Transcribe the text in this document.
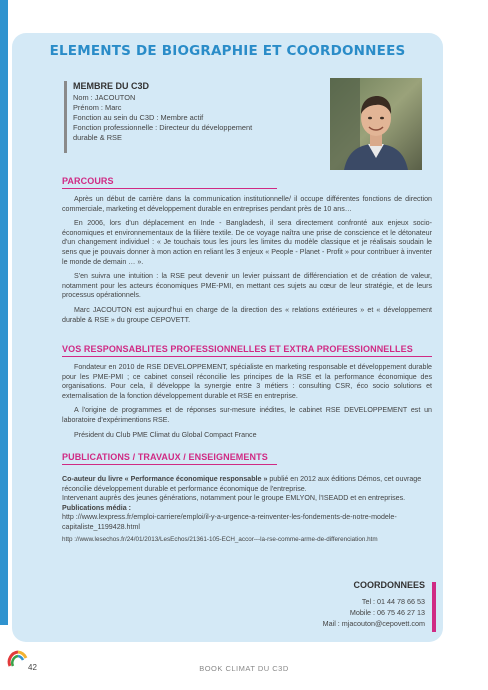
ELEMENTS DE BIOGRAPHIE ET COORDONNEES
MEMBRE DU C3D
Nom : JACOUTON
Prénom : Marc
Fonction au sein du C3D : Membre actif
Fonction professionnelle : Directeur du développement
durable & RSE
PARCOURS

Après un début de carrière dans la communication institutionnelle/ il occupe différentes fonctions de direction commerciale, marketing et développement durable en entreprises pendant près de 10 ans…

En 2006, lors d'un déplacement en Inde - Bangladesh, il sera directement confronté aux enjeux socio-économiques et environnementaux de la filière textile. De ce voyage naîtra une prise de conscience et le détonateur d'un changement individuel : « Je touchais tous les jours les limites du modèle classique et je réalisais soudain le sens que je pouvais donner à mon action en reliant les 3 enjeux « People - Planet - Profit » pour contribuer à inventer le monde de demain … ».

S'en suivra une intuition : la RSE peut devenir un levier puissant de différenciation et de création de valeur, notamment pour les acteurs économiques PME-PMI, en mettant ces sujets au cœur de leur stratégie, et de leurs processus opérationnels.

Marc JACOUTON est aujourd'hui en charge de la direction des « relations extérieures » et « développement durable & RSE » du groupe CEPOVETT.

VOS RESPONSABLITES PROFESSIONNELLES ET EXTRA PROFESSIONNELLES

Fondateur en 2010 de RSE DEVELOPPEMENT, spécialiste en marketing responsable et développement durable pour les PME-PMI ; ce cabinet conseil réconcilie les principes de la RSE et la performance économique des organisations. Pour cela, il développe la synergie entre 3 métiers : consulting CSR, éco socio solutions et externalisation de la fonction développement durable et RSE en entreprise.

A l'origine de programmes et de réponses sur-mesure inédites, le cabinet RSE DEVELOPPEMENT est un laboratoire d'expérimentions RSE.

Président du Club PME Climat du Global Compact France

PUBLICATIONS / TRAVAUX / ENSEIGNEMENTS
Co-auteur du livre « Performance économique responsable » publié en 2012 aux éditions Démos, cet ouvrage réconcilie développement durable et performance économique de l'entreprise.
Intervenant auprès des jeunes générations, notamment pour le groupe EMLYON, l'ISEADD et en entreprises.
Publications média :
http ://www.lexpress.fr/emploi-carriere/emploi/il-y-a-urgence-a-reinventer-les-fondements-de-notre-modele-capitaliste_1199428.html
http ://www.lesechos.fr/24/01/2013/LesEchos/21361-105-ECH_accor---la-rse-comme-arme-de-differenciation.htm
COORDONNEES
Tel : 01 44 78 66 53
Mobile : 06 75 46 27 13
Mail : mjacouton@cepovett.com
42	BOOK CLIMAT DU C3D
